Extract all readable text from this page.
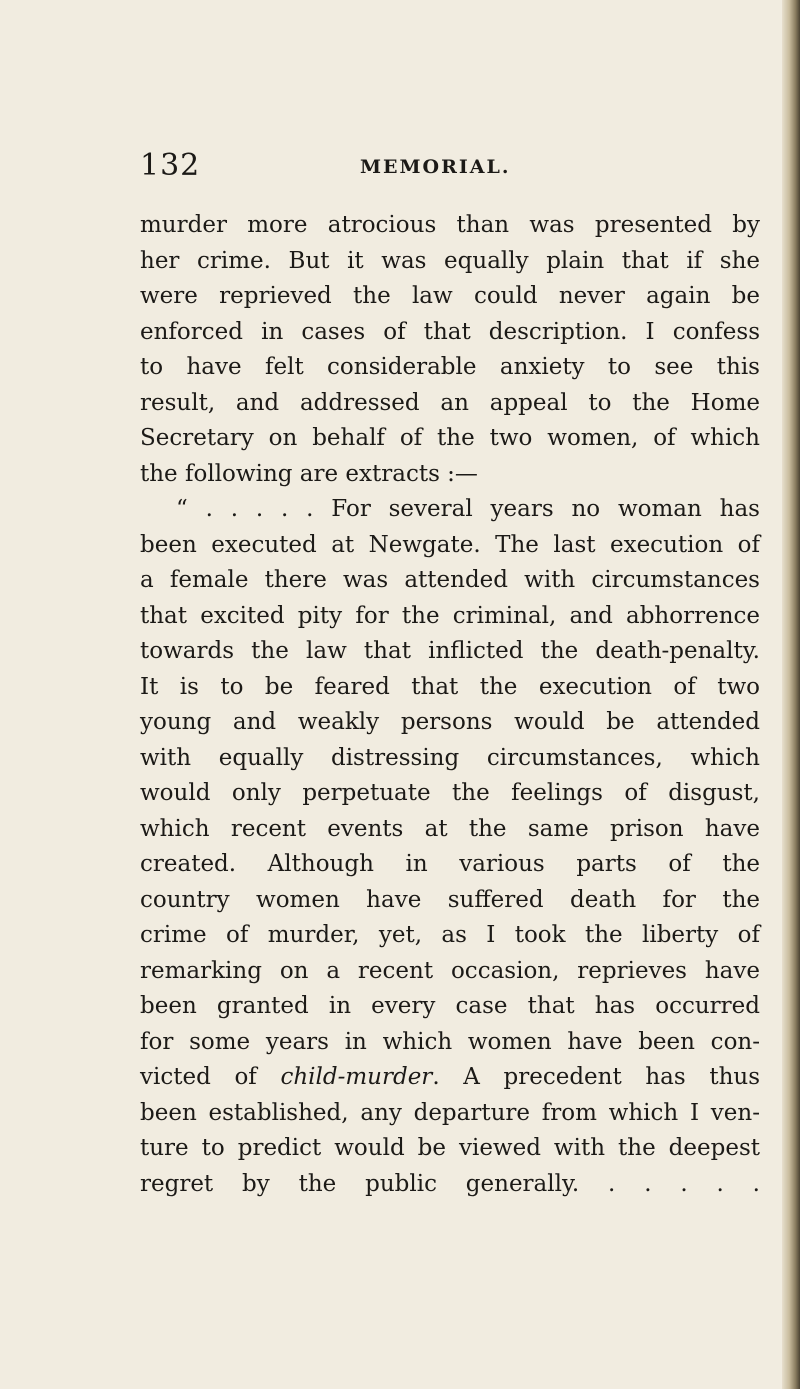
132	MEMORIAL.
murder more atrocious than was presented by
her crime. But it was equally plain that if she
were reprieved the law could never again be
enforced in cases of that description. I confess
to have felt considerable anxiety to see this
result, and addressed an appeal to the Home
Secretary on behalf of the two women, of which
the following are extracts :—
“ . . . . . For several years no woman has
been executed at Newgate. The last execution of
a female there was attended with circumstances
that excited pity for the criminal, and abhorrence
towards the law that inflicted the death-penalty.
It is to be feared that the execution of two
young and weakly persons would be attended
with equally distressing circumstances, which
would only perpetuate the feelings of disgust,
which recent events at the same prison have
created. Although in various parts of the
country women have suffered death for the
crime of murder, yet, as I took the liberty of
remarking on a recent occasion, reprieves have
been granted in every case that has occurred
for some years in which women have been con-
victed of child-murder. A precedent has thus
been established, any departure from which I ven-
ture to predict would be viewed with the deepest
regret by the public generally. . . . . .
